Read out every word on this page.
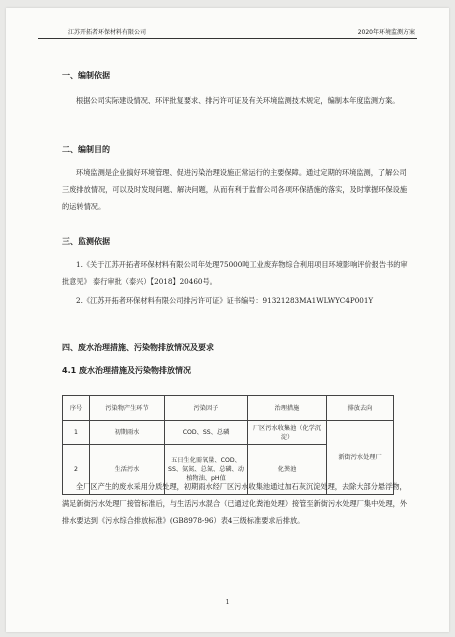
江苏开拓者环保材料有限公司	2020年环境监测方案
一、编制依据
根据公司实际建设情况、环评批复要求、排污许可证及有关环境监测技术规定，编制本年度监测方案。
二、编制目的
环境监测是企业搞好环境管理、促进污染治理设施正常运行的主要保障。通过定期的环境监测，了解公司三废排放情况，可以及时发现问题、解决问题，从而有利于监督公司各项环保措施的落实，及时掌握环保设施的运转情况。
三、监测依据
1.《关于江苏开拓者环保材料有限公司年处理75000吨工业废弃物综合利用项目环境影响评价报告书的审批意见》 泰行审批（泰兴）【2018】20460号。
2.《江苏开拓者环保材料有限公司排污许可证》证书编号：91321283MA1WLWYC4P001Y
四、废水治理措施、污染物排放情况及要求
4.1 废水治理措施及污染物排放情况
序号	污染物产生环节	污染因子	治理措施	排放去向
1	初期雨水	COD、SS、总磷	厂区污水收集池（化学沉淀）	新街污水处理厂
2	生活污水	五日生化需氧量、COD、SS、氨氮、总氮、总磷、动植物油、pH值	化粪池	
全厂区产生的废水采用分质处理，初期雨水经厂区污水收集池通过加石灰沉淀处理，去除大部分悬浮物，满足新街污水处理厂接管标准后，与生活污水混合（已通过化粪池处理）接管至新街污水处理厂集中处理，外排水要达到《污水综合排放标准》(GB8978-96）表4三级标准要求后排放。
1
